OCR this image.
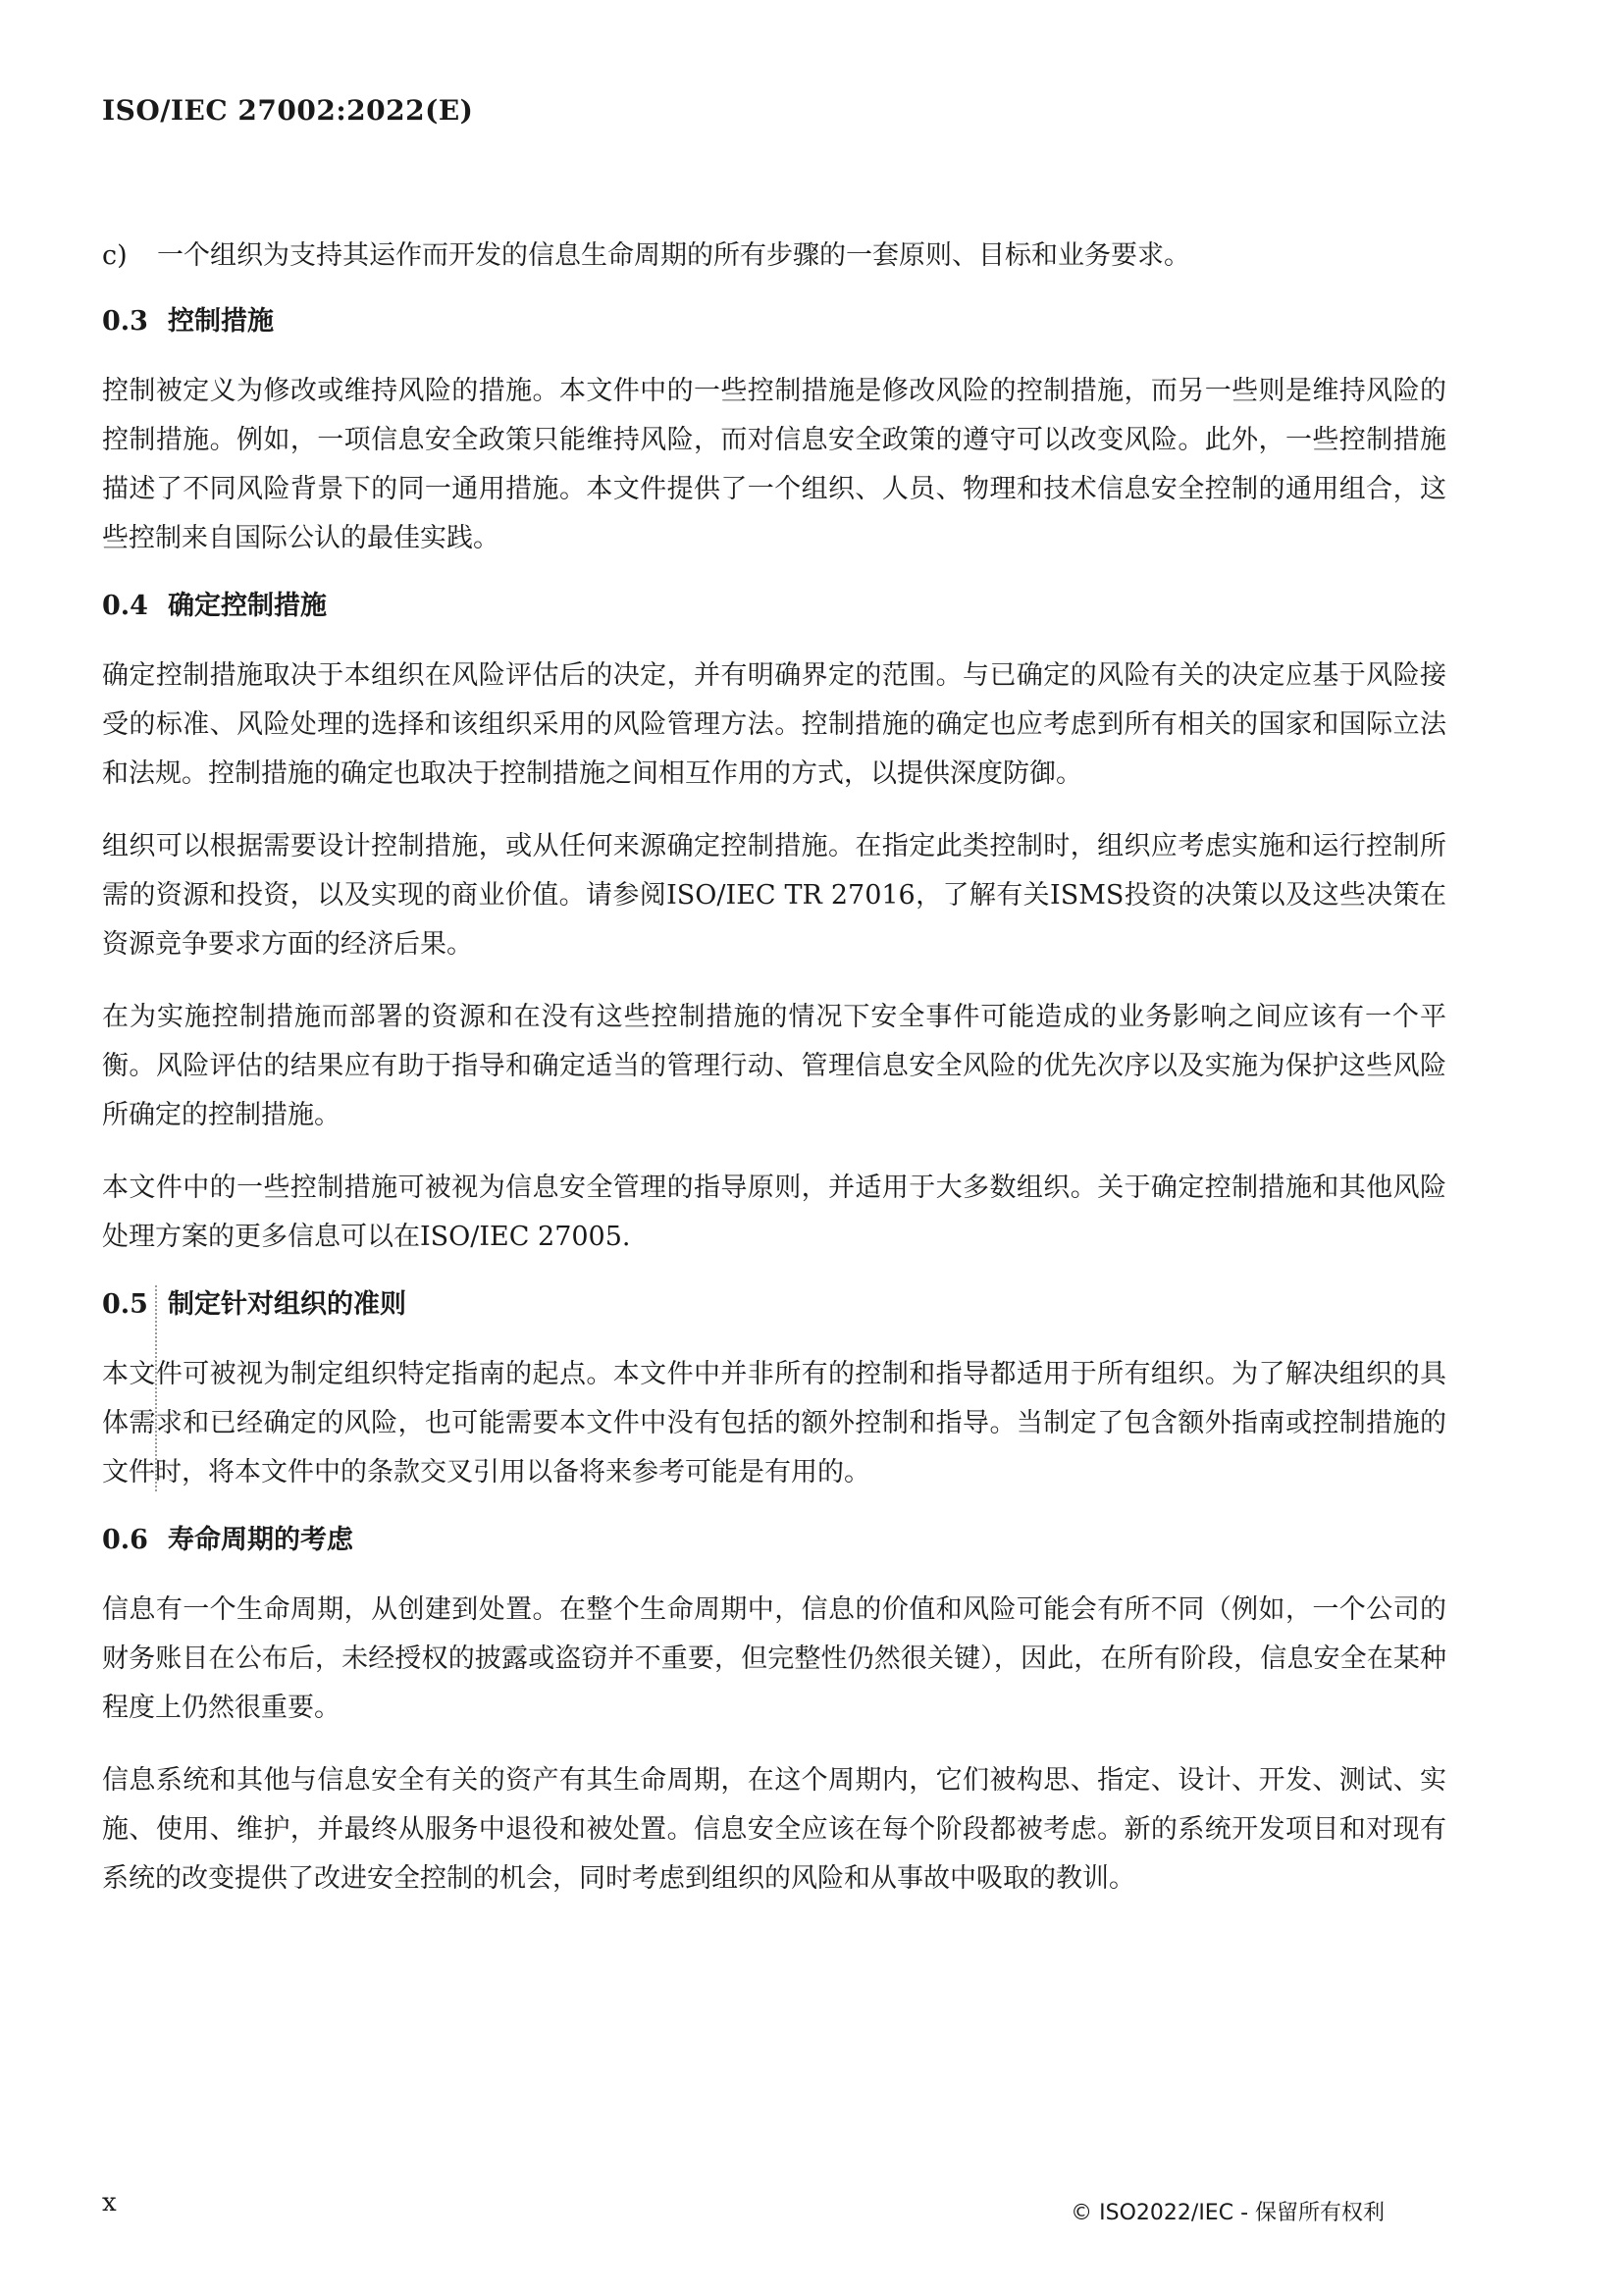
ISO/IEC 27002:2022(E)
c)	一个组织为支持其运作而开发的信息生命周期的所有步骤的一套原则、目标和业务要求。
0.3 控制措施

控制被定义为修改或维持风险的措施。本文件中的一些控制措施是修改风险的控制措施，而另一些则是维持风险的控制措施。例如，一项信息安全政策只能维持风险，而对信息安全政策的遵守可以改变风险。此外，一些控制措施描述了不同风险背景下的同一通用措施。本文件提供了一个组织、人员、物理和技术信息安全控制的通用组合，这些控制来自国际公认的最佳实践。

0.4 确定控制措施

确定控制措施取决于本组织在风险评估后的决定，并有明确界定的范围。与已确定的风险有关的决定应基于风险接受的标准、风险处理的选择和该组织采用的风险管理方法。控制措施的确定也应考虑到所有相关的国家和国际立法和法规。控制措施的确定也取决于控制措施之间相互作用的方式，以提供深度防御。

组织可以根据需要设计控制措施，或从任何来源确定控制措施。在指定此类控制时，组织应考虑实施和运行控制所需的资源和投资，以及实现的商业价值。请参阅ISO/IEC TR 27016，了解有关ISMS投资的决策以及这些决策在资源竞争要求方面的经济后果。

在为实施控制措施而部署的资源和在没有这些控制措施的情况下安全事件可能造成的业务影响之间应该有一个平衡。风险评估的结果应有助于指导和确定适当的管理行动、管理信息安全风险的优先次序以及实施为保护这些风险所确定的控制措施。

本文件中的一些控制措施可被视为信息安全管理的指导原则，并适用于大多数组织。关于确定控制措施和其他风险处理方案的更多信息可以在ISO/IEC 27005.

0.5 制定针对组织的准则

本文件可被视为制定组织特定指南的起点。本文件中并非所有的控制和指导都适用于所有组织。为了解决组织的具体需求和已经确定的风险，也可能需要本文件中没有包括的额外控制和指导。当制定了包含额外指南或控制措施的文件时，将本文件中的条款交叉引用以备将来参考可能是有用的。

0.6 寿命周期的考虑

信息有一个生命周期，从创建到处置。在整个生命周期中，信息的价值和风险可能会有所不同（例如，一个公司的财务账目在公布后，未经授权的披露或盗窃并不重要，但完整性仍然很关键），因此，在所有阶段，信息安全在某种程度上仍然很重要。

信息系统和其他与信息安全有关的资产有其生命周期，在这个周期内，它们被构思、指定、设计、开发、测试、实施、使用、维护，并最终从服务中退役和被处置。信息安全应该在每个阶段都被考虑。新的系统开发项目和对现有系统的改变提供了改进安全控制的机会，同时考虑到组织的风险和从事故中吸取的教训。

x	© ISO2022/IEC - 保留所有权利
